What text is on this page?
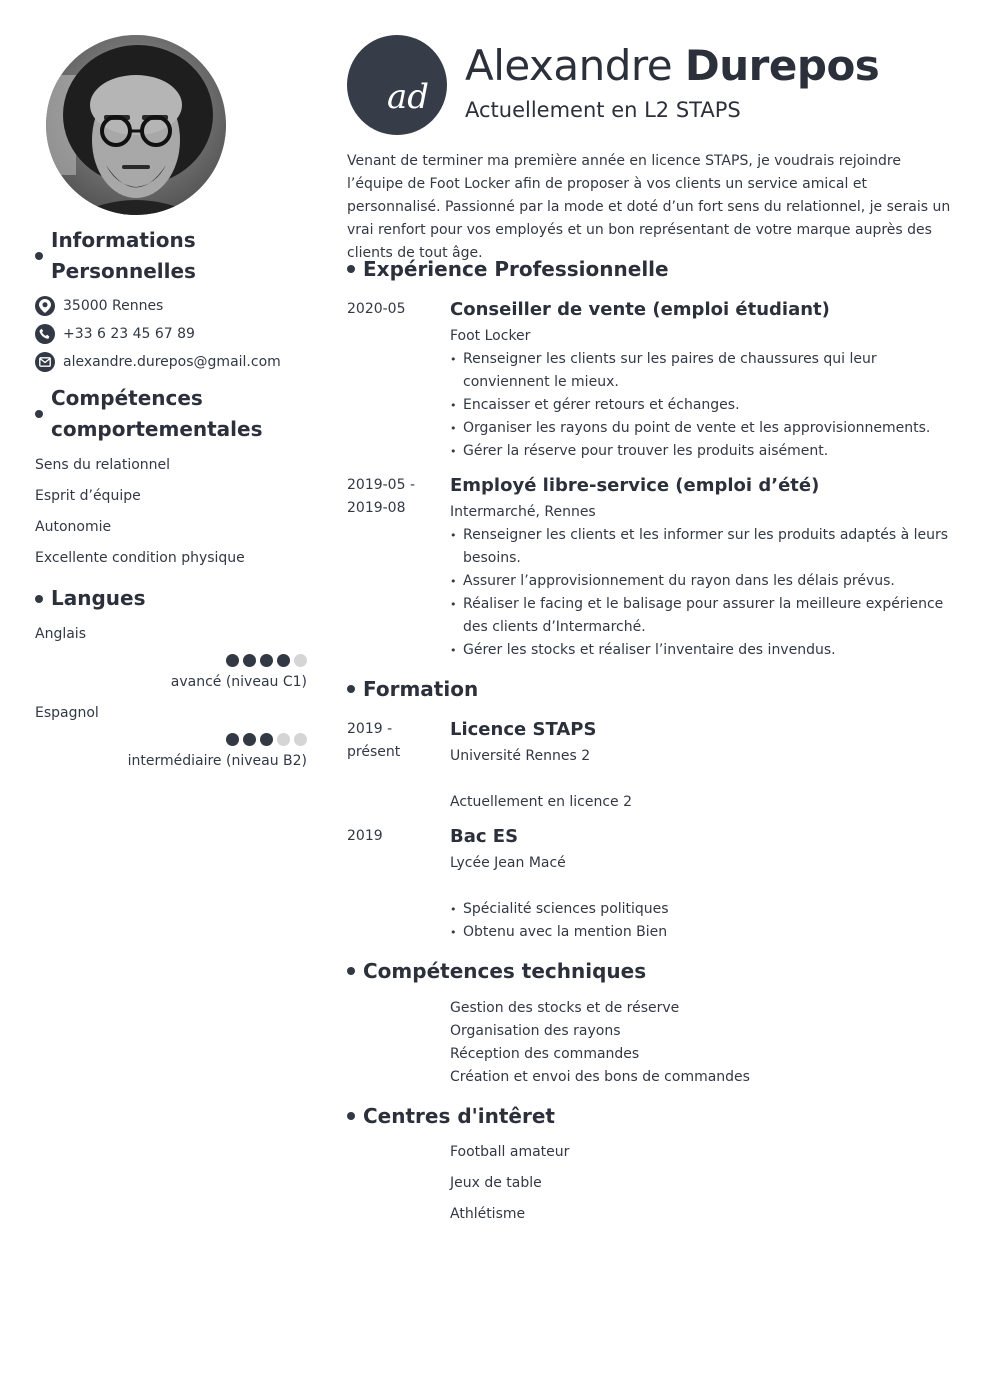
Informations Personnelles
35000 Rennes
+33 6 23 45 67 89
alexandre.durepos@gmail.com
Compétences comportementales
Sens du relationnel
Esprit d’équipe
Autonomie
Excellente condition physique
Langues
Anglais
avancé (niveau C1)
Espagnol
intermédiaire (niveau B2)
ad
Alexandre Durepos
Actuellement en L2 STAPS
Venant de terminer ma première année en licence STAPS, je voudrais rejoindre l’équipe de Foot Locker afin de proposer à vos clients un service amical et personnalisé. Passionné par la mode et doté d’un fort sens du relationnel, je serais un vrai renfort pour vos employés et un bon représentant de votre marque auprès des clients de tout âge.
Expérience Professionnelle
2020-05	Conseiller de vente (emploi étudiant)
Foot Locker
• Renseigner les clients sur les paires de chaussures qui leur conviennent le mieux.
• Encaisser et gérer retours et échanges.
• Organiser les rayons du point de vente et les approvisionnements.
• Gérer la réserve pour trouver les produits aisément.
2019-05 -
2019-08
Employé libre-service (emploi d’été)
Intermarché, Rennes
• Renseigner les clients et les informer sur les produits adaptés à leurs besoins.
• Assurer l’approvisionnement du rayon dans les délais prévus.
• Réaliser le facing et le balisage pour assurer la meilleure expérience des clients d’Intermarché.
• Gérer les stocks et réaliser l’inventaire des invendus.
Formation
2019 -
présent
Licence STAPS
Université Rennes 2
Actuellement en licence 2
2019	Bac ES
Lycée Jean Macé
• Spécialité sciences politiques
• Obtenu avec la mention Bien
Compétences techniques
Gestion des stocks et de réserve
Organisation des rayons
Réception des commandes
Création et envoi des bons de commandes
Centres d'intêret
Football amateur
Jeux de table
Athlétisme
